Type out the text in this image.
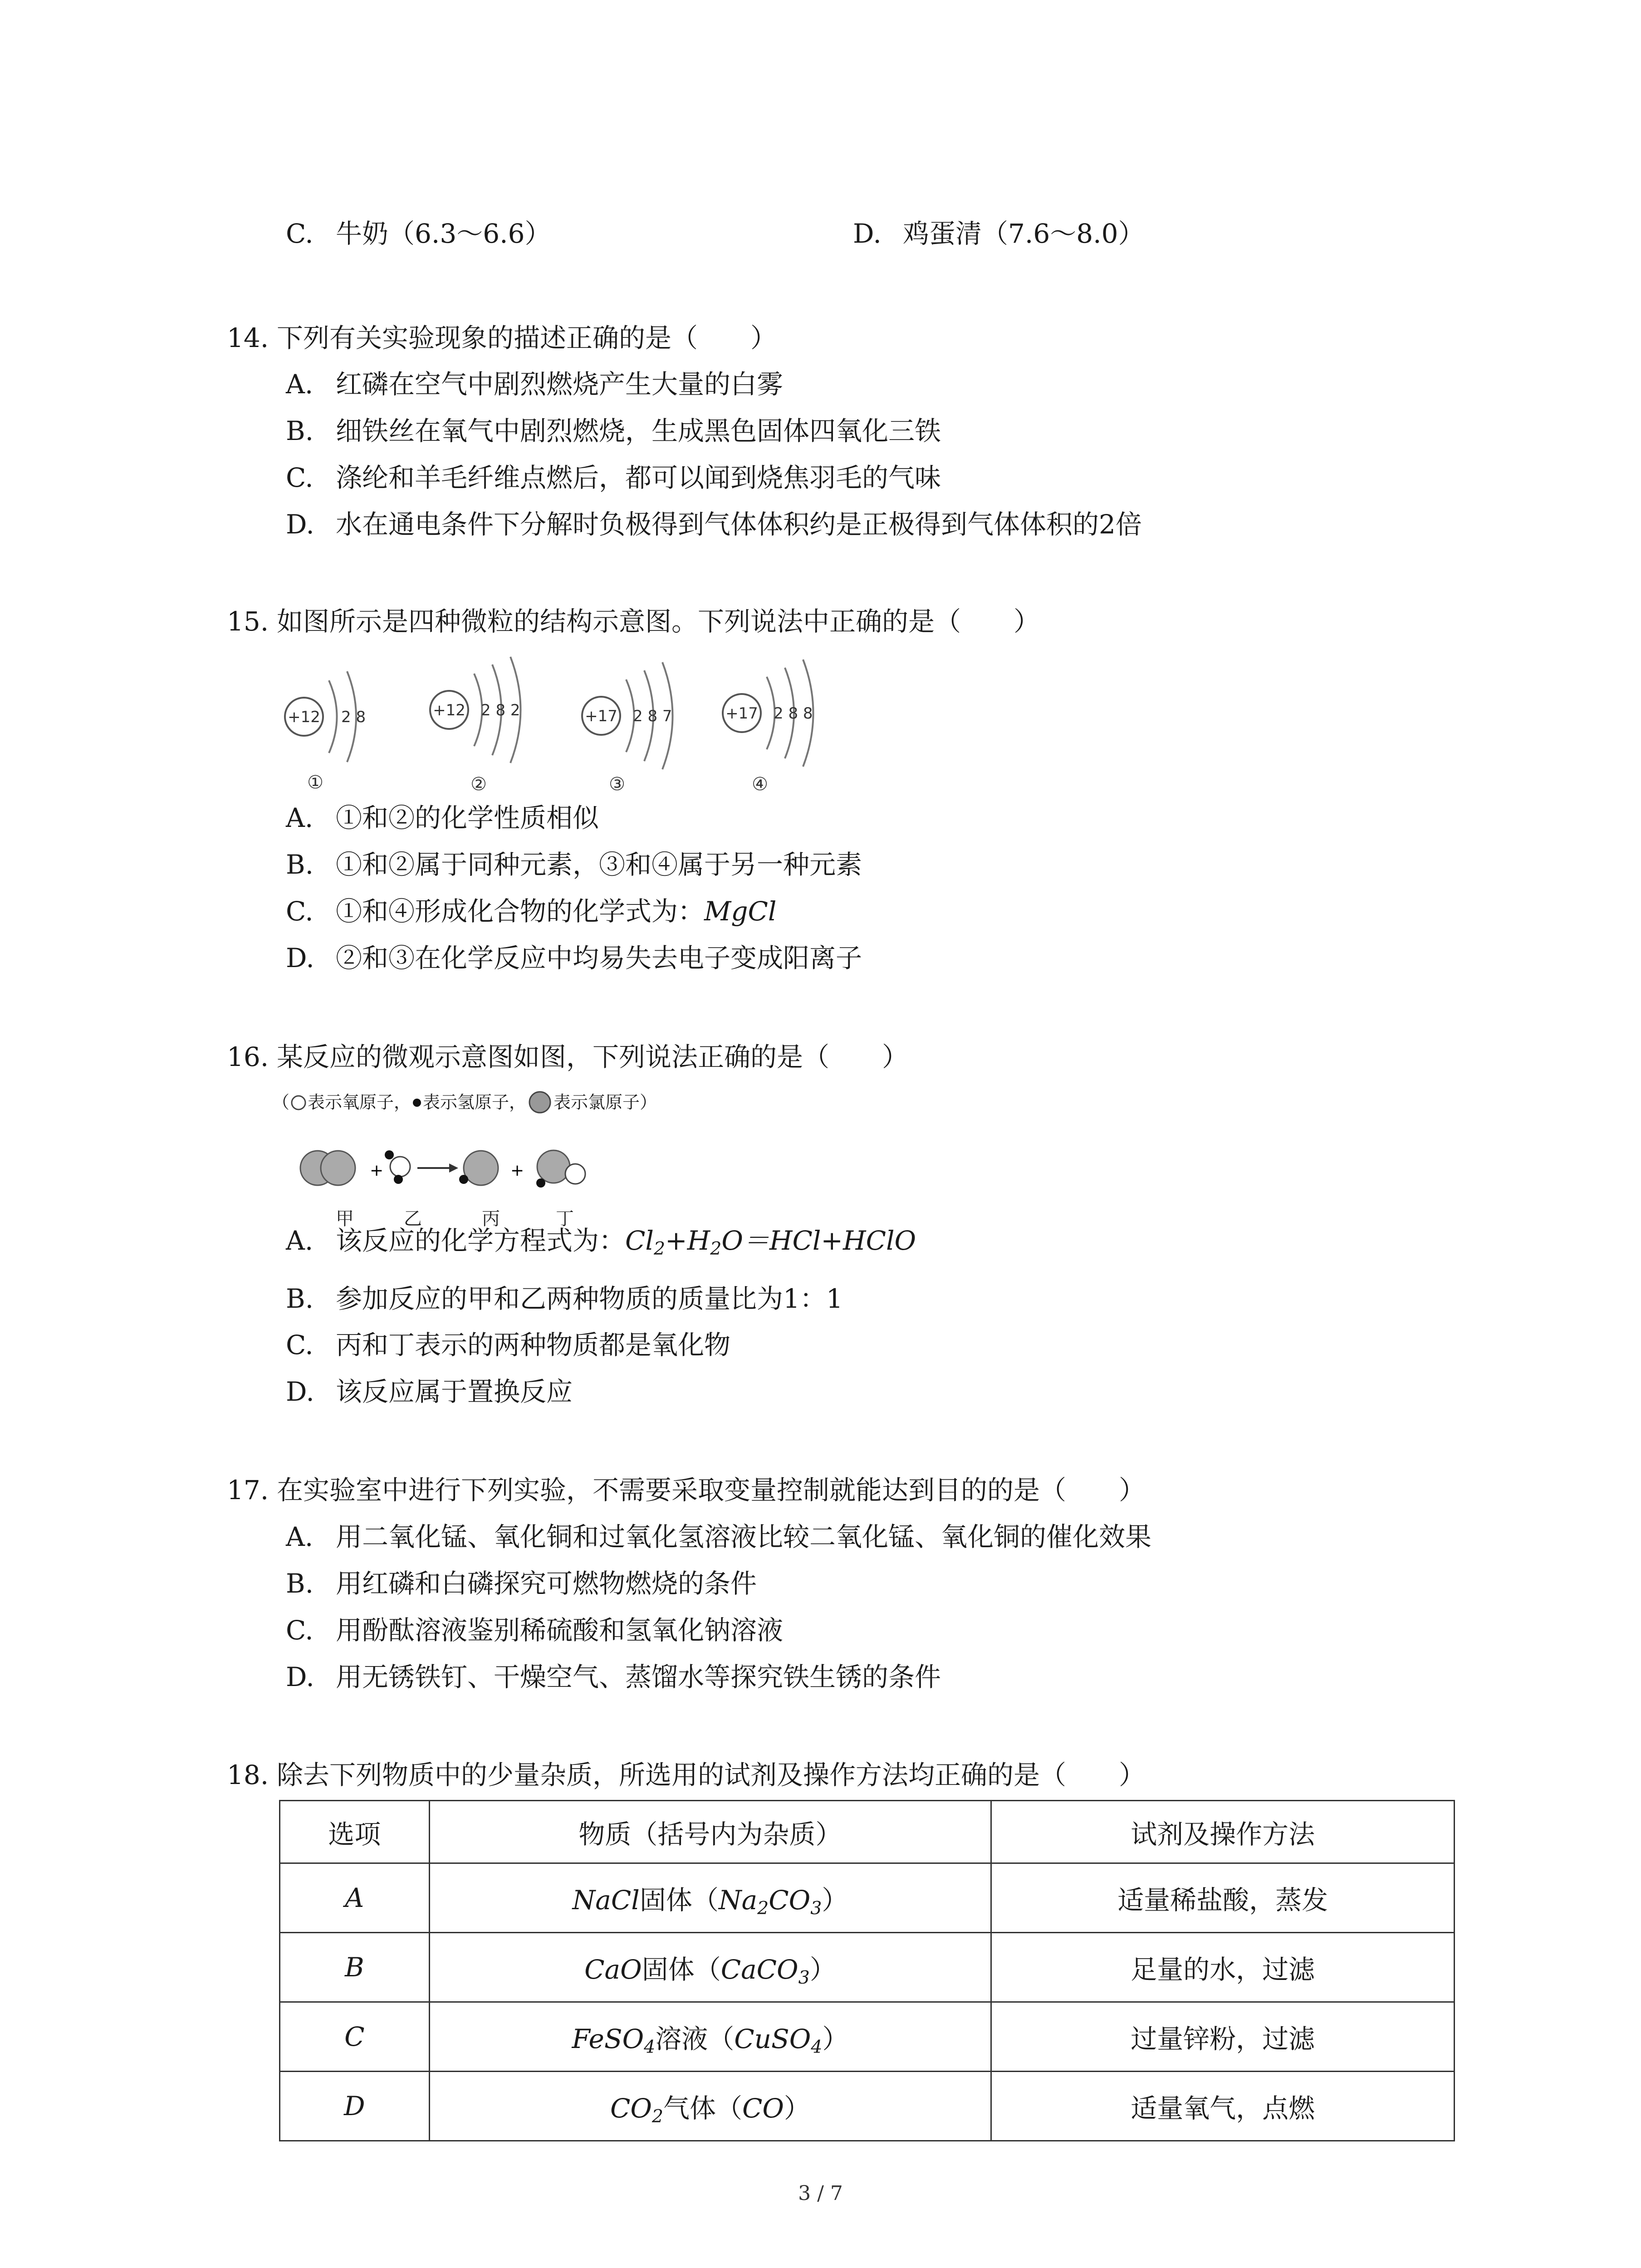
C. 牛奶（6.3～6.6）	D. 鸡蛋清（7.6～8.0）
14. 下列有关实验现象的描述正确的是（　　）
A. 红磷在空气中剧烈燃烧产生大量的白雾
B. 细铁丝在氧气中剧烈燃烧，生成黑色固体四氧化三铁
C. 涤纶和羊毛纤维点燃后，都可以闻到烧焦羽毛的气味
D. 水在通电条件下分解时负极得到气体体积约是正极得到气体体积的2倍
15. 如图所示是四种微粒的结构示意图。下列说法中正确的是（　　）
+12 2 8	+12 2 8 2	+17 2 8 7	+17 2 8 8
①	②	③	④
A. ①和②的化学性质相似
B. ①和②属于同种元素，③和④属于另一种元素
C. ①和④形成化合物的化学式为：MgCl
D. ②和③在化学反应中均易失去电子变成阳离子
16. 某反应的微观示意图如图，下列说法正确的是（　　）
（ 表示氧原子， 表示氢原子， 表示氯原子）
+	+
甲	乙	丙	丁
A. 该反应的化学方程式为：Cl2+H2O＝HCl+HClO
B. 参加反应的甲和乙两种物质的质量比为1：1
C. 丙和丁表示的两种物质都是氧化物
D. 该反应属于置换反应
17. 在实验室中进行下列实验，不需要采取变量控制就能达到目的的是（　　）
A. 用二氧化锰、氧化铜和过氧化氢溶液比较二氧化锰、氧化铜的催化效果
B. 用红磷和白磷探究可燃物燃烧的条件
C. 用酚酞溶液鉴别稀硫酸和氢氧化钠溶液
D. 用无锈铁钉、干燥空气、蒸馏水等探究铁生锈的条件
18. 除去下列物质中的少量杂质，所选用的试剂及操作方法均正确的是（　　）
选项	物质（括号内为杂质）	试剂及操作方法
A	NaCl固体（Na2CO3）	适量稀盐酸，蒸发
B	CaO固体（CaCO3）	足量的水，过滤
C	FeSO4溶液（CuSO4）	过量锌粉，过滤
D	CO2气体（CO）	适量氧气，点燃
3 / 7
